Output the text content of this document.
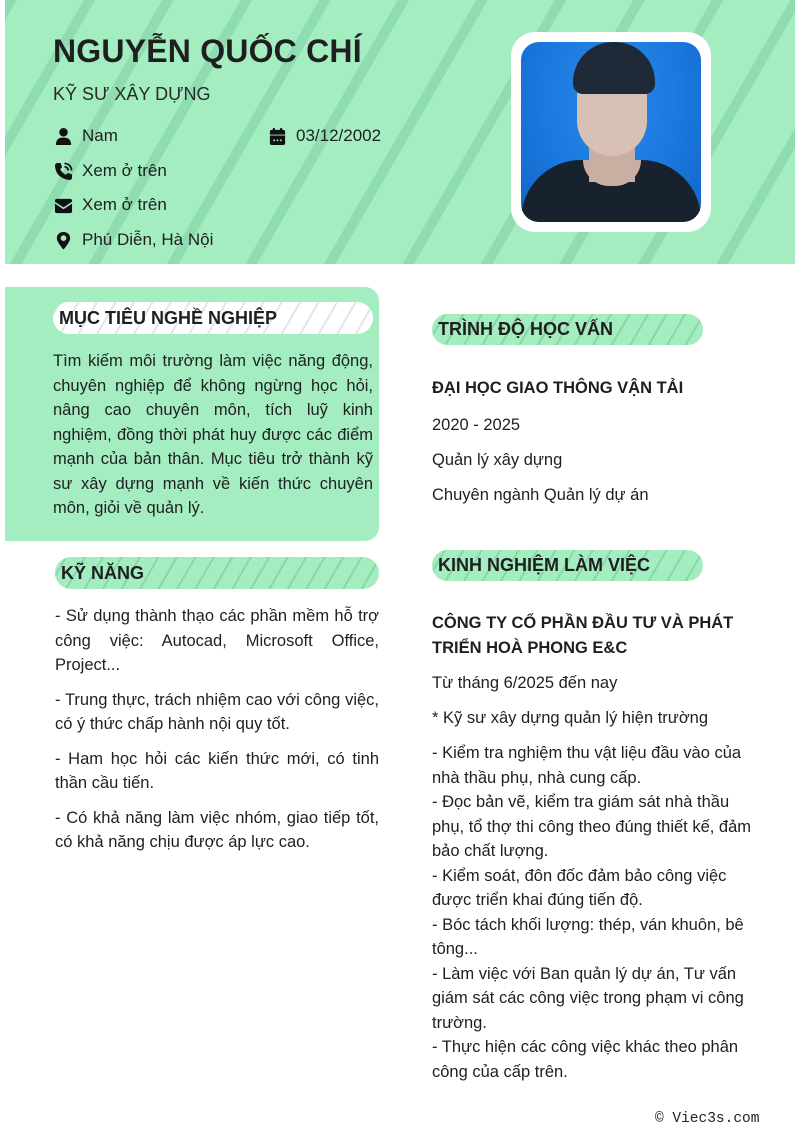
NGUYỄN QUỐC CHÍ
KỸ SƯ XÂY DỰNG
Nam	03/12/2002
Xem ở trên
Xem ở trên
Phú Diễn, Hà Nội
MỤC TIÊU NGHỀ NGHIỆP
Tìm kiếm môi trường làm việc năng động, chuyên nghiệp để không ngừng học hỏi, nâng cao chuyên môn, tích luỹ kinh nghiệm, đồng thời phát huy được các điểm mạnh của bản thân. Mục tiêu trở thành kỹ sư xây dựng mạnh về kiến thức chuyên môn, giỏi về quản lý.
KỸ NĂNG
- Sử dụng thành thạo các phần mềm hỗ trợ công việc: Autocad, Microsoft Office, Project...
- Trung thực, trách nhiệm cao với công việc, có ý thức chấp hành nội quy tốt.
- Ham học hỏi các kiến thức mới, có tinh thần cầu tiến.
- Có khả năng làm việc nhóm, giao tiếp tốt, có khả năng chịu được áp lực cao.
TRÌNH ĐỘ HỌC VẤN
ĐẠI HỌC GIAO THÔNG VẬN TẢI
2020 - 2025
Quản lý xây dựng
Chuyên ngành Quản lý dự án
KINH NGHIỆM LÀM VIỆC
CÔNG TY CỔ PHẦN ĐẦU TƯ VÀ PHÁT TRIỂN HOÀ PHONG E&C
Từ tháng 6/2025 đến nay
* Kỹ sư xây dựng quản lý hiện trường
- Kiểm tra nghiệm thu vật liệu đầu vào của nhà thầu phụ, nhà cung cấp.
- Đọc bản vẽ, kiểm tra giám sát nhà thầu phụ, tổ thợ thi công theo đúng thiết kế, đảm bảo chất lượng.
- Kiểm soát, đôn đốc đảm bảo công việc được triển khai đúng tiến độ.
- Bóc tách khối lượng: thép, ván khuôn, bê tông...
- Làm việc với Ban quản lý dự án, Tư vấn giám sát các công việc trong phạm vi công trường.
- Thực hiện các công việc khác theo phân công của cấp trên.
© Viec3s.com
